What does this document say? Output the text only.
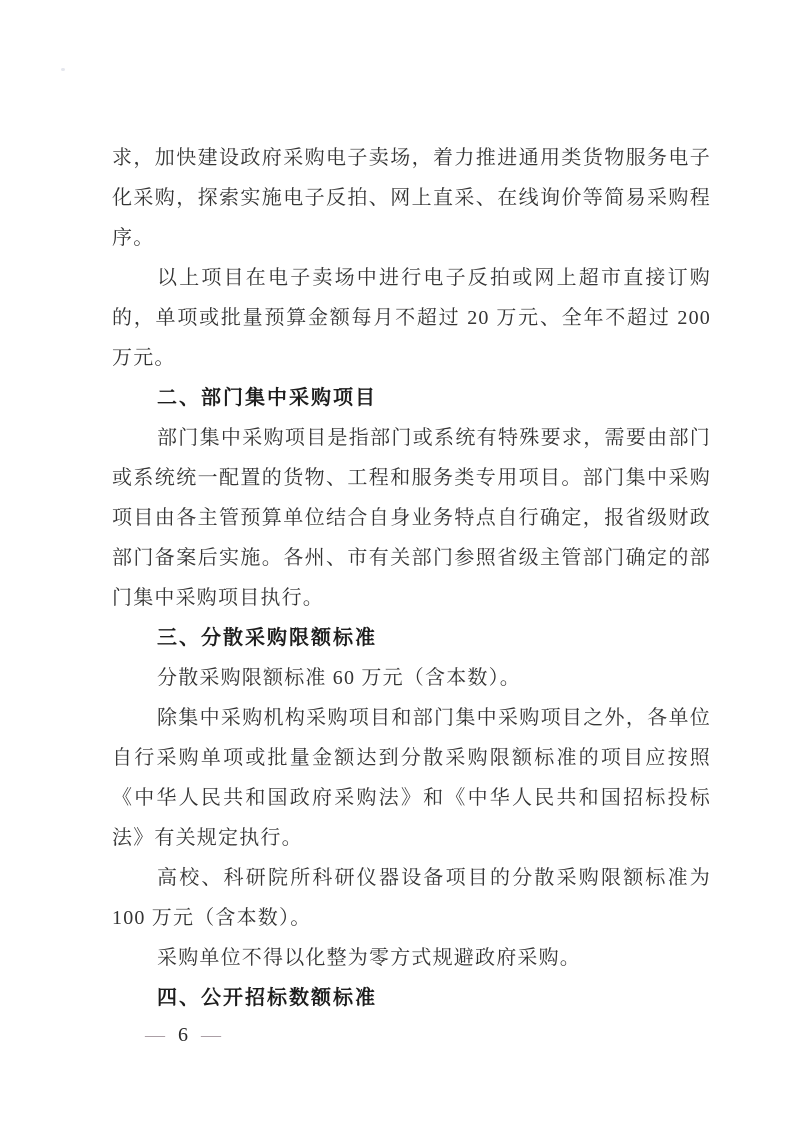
求，加快建设政府采购电子卖场，着力推进通用类货物服务电子化采购，探索实施电子反拍、网上直采、在线询价等简易采购程序。

以上项目在电子卖场中进行电子反拍或网上超市直接订购的，单项或批量预算金额每月不超过 20 万元、全年不超过 200 万元。

二、部门集中采购项目

部门集中采购项目是指部门或系统有特殊要求，需要由部门或系统统一配置的货物、工程和服务类专用项目。部门集中采购项目由各主管预算单位结合自身业务特点自行确定，报省级财政部门备案后实施。各州、市有关部门参照省级主管部门确定的部门集中采购项目执行。

三、分散采购限额标准

分散采购限额标准 60 万元（含本数）。

除集中采购机构采购项目和部门集中采购项目之外，各单位自行采购单项或批量金额达到分散采购限额标准的项目应按照《中华人民共和国政府采购法》和《中华人民共和国招标投标法》有关规定执行。

高校、科研院所科研仪器设备项目的分散采购限额标准为 100 万元（含本数）。

采购单位不得以化整为零方式规避政府采购。

四、公开招标数额标准
— 6 —
